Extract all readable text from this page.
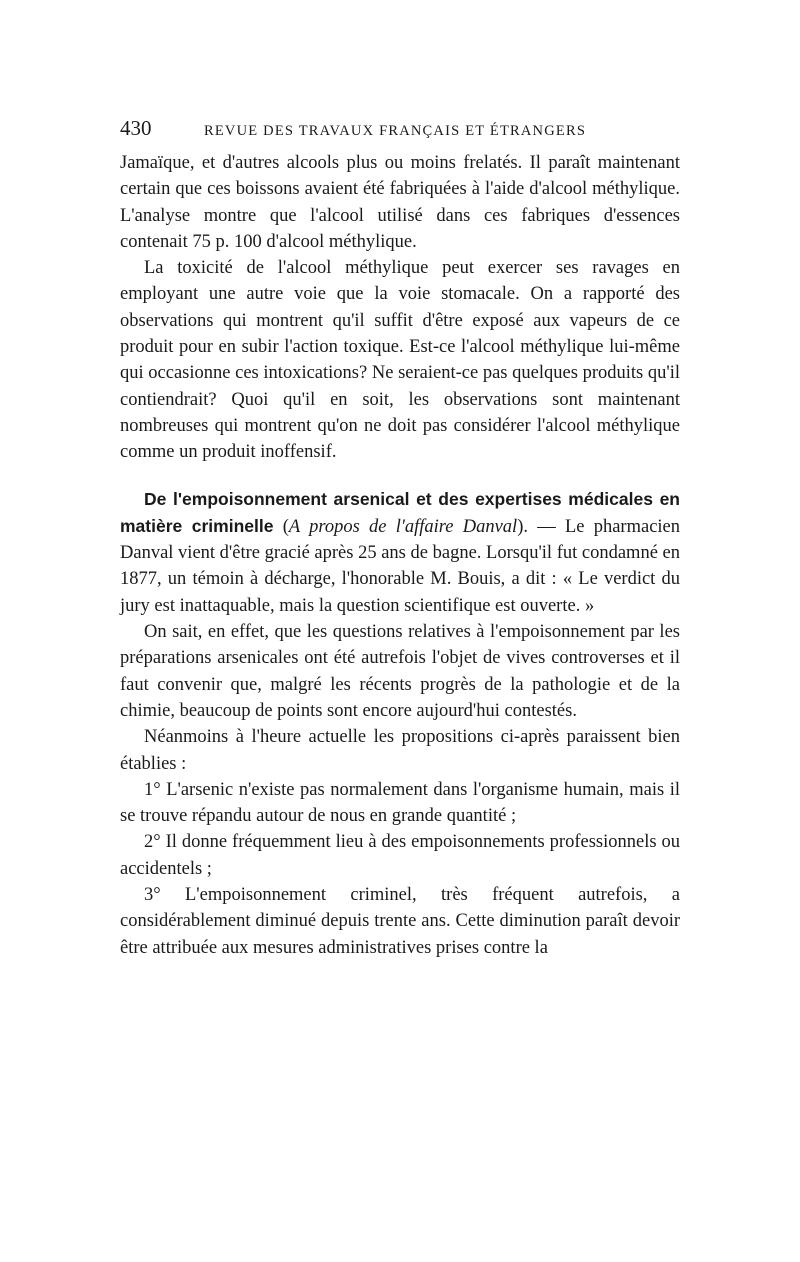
430	REVUE DES TRAVAUX FRANÇAIS ET ÉTRANGERS

Jamaïque, et d'autres alcools plus ou moins frelatés. Il paraît maintenant certain que ces boissons avaient été fabriquées à l'aide d'alcool méthylique. L'analyse montre que l'alcool utilisé dans ces fabriques d'essences contenait 75 p. 100 d'alcool méthylique.

La toxicité de l'alcool méthylique peut exercer ses ravages en employant une autre voie que la voie stomacale. On a rapporté des observations qui montrent qu'il suffit d'être exposé aux vapeurs de ce produit pour en subir l'action toxique. Est-ce l'alcool méthylique lui-même qui occasionne ces intoxications? Ne seraient-ce pas quelques produits qu'il contiendrait? Quoi qu'il en soit, les observations sont maintenant nombreuses qui montrent qu'on ne doit pas considérer l'alcool méthylique comme un produit inoffensif.

De l'empoisonnement arsenical et des expertises médicales en matière criminelle (A propos de l'affaire Danval). — Le pharmacien Danval vient d'être gracié après 25 ans de bagne. Lorsqu'il fut condamné en 1877, un témoin à décharge, l'honorable M. Bouis, a dit : « Le verdict du jury est inattaquable, mais la question scientifique est ouverte. »

On sait, en effet, que les questions relatives à l'empoisonnement par les préparations arsenicales ont été autrefois l'objet de vives controverses et il faut convenir que, malgré les récents progrès de la pathologie et de la chimie, beaucoup de points sont encore aujourd'hui contestés.

Néanmoins à l'heure actuelle les propositions ci-après paraissent bien établies :

1° L'arsenic n'existe pas normalement dans l'organisme humain, mais il se trouve répandu autour de nous en grande quantité ;

2° Il donne fréquemment lieu à des empoisonnements professionnels ou accidentels ;

3° L'empoisonnement criminel, très fréquent autrefois, a considérablement diminué depuis trente ans. Cette diminution paraît devoir être attribuée aux mesures administratives prises contre la
